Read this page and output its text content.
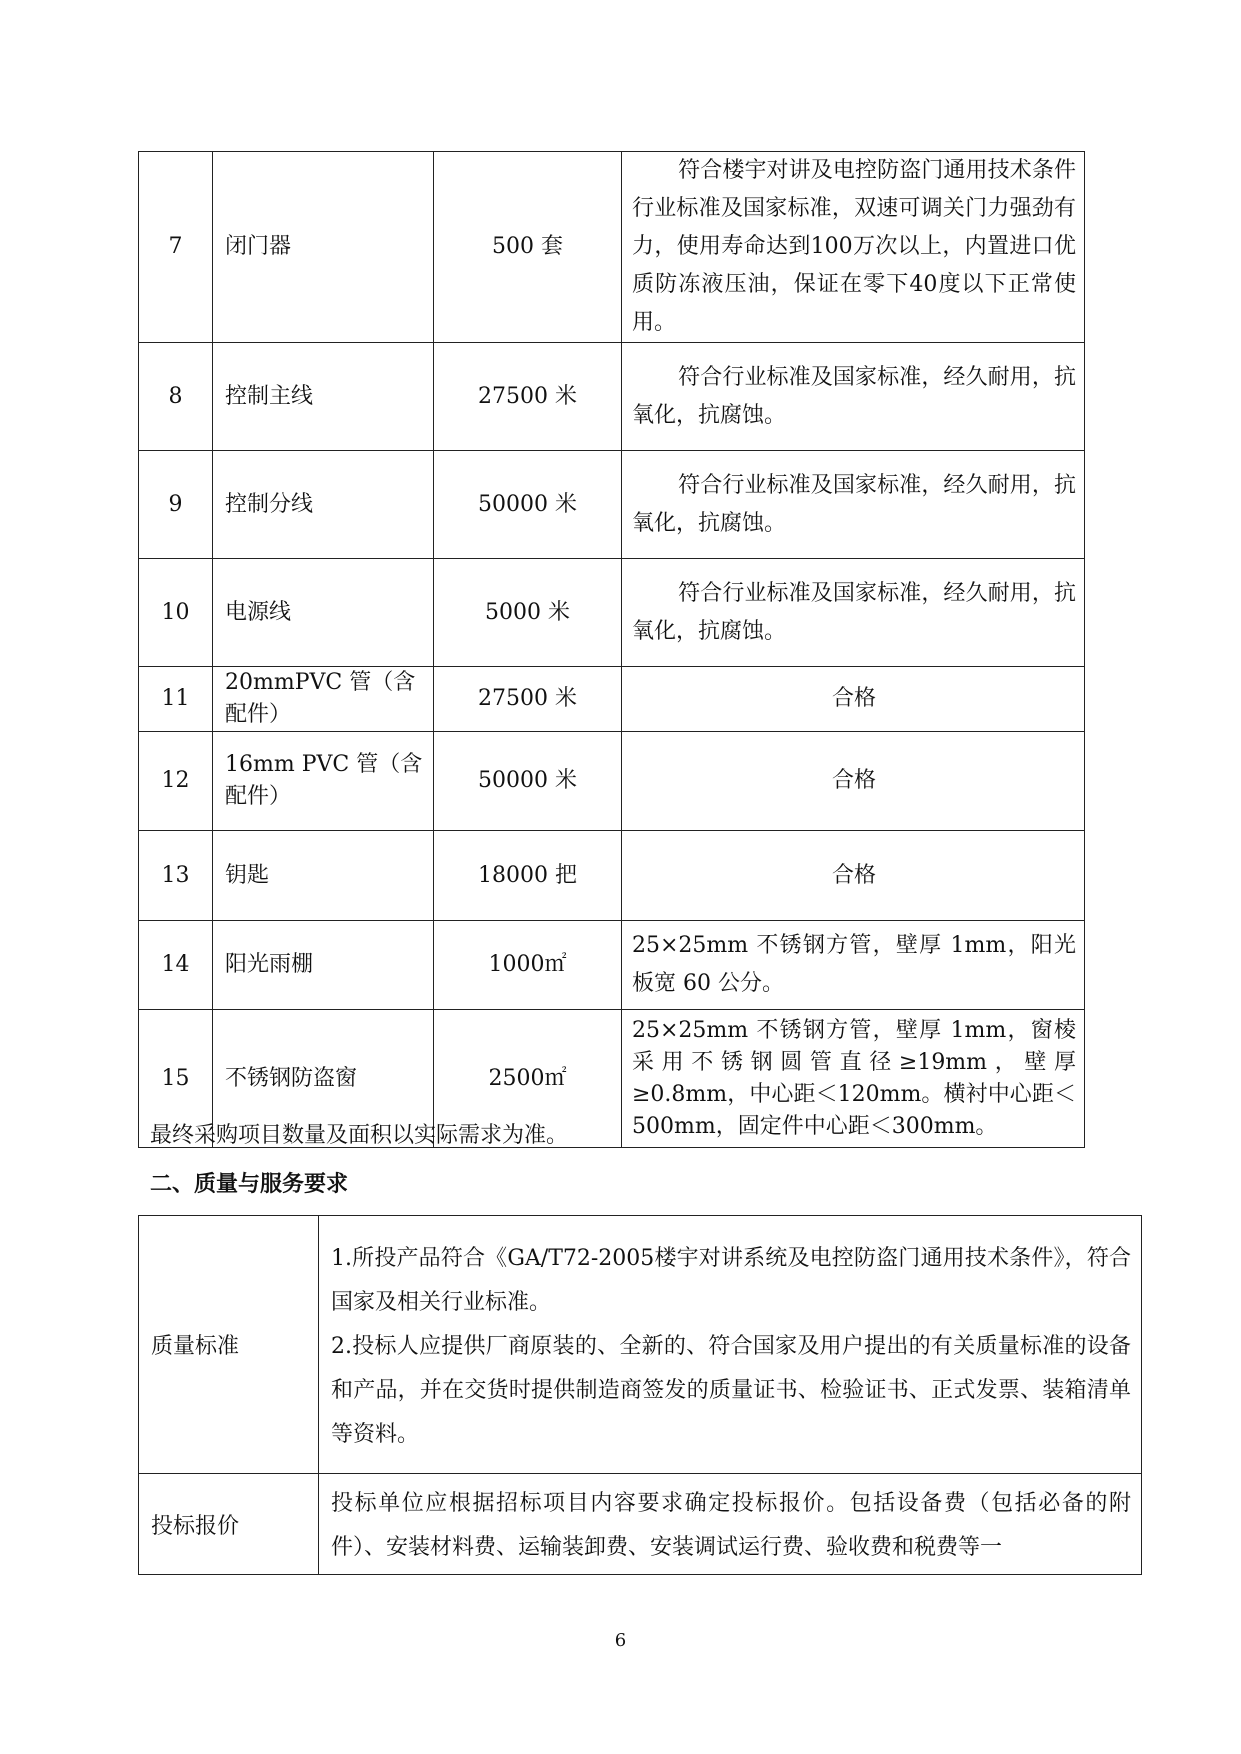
7	闭门器	500 套	符合楼宇对讲及电控防盗门通用技术条件行业标准及国家标准，双速可调关门力强劲有力，使用寿命达到100万次以上，内置进口优质防冻液压油，保证在零下40度以下正常使用。
8	控制主线	27500 米	符合行业标准及国家标准，经久耐用，抗氧化，抗腐蚀。
9	控制分线	50000 米	符合行业标准及国家标准，经久耐用，抗氧化，抗腐蚀。
10	电源线	5000 米	符合行业标准及国家标准，经久耐用，抗氧化，抗腐蚀。
11	20mmPVC 管（含配件）	27500 米	合格
12	16mm PVC 管（含配件）	50000 米	合格
13	钥匙	18000 把	合格
14	阳光雨棚	1000㎡	25×25mm 不锈钢方管，壁厚 1mm，阳光板宽 60 公分。
15	不锈钢防盗窗	2500㎡	25×25mm 不锈钢方管，壁厚 1mm，窗棱采用不锈钢圆管直径≥19mm，壁厚≥0.8mm，中心距＜120mm。横衬中心距＜500mm，固定件中心距＜300mm。
最终采购项目数量及面积以实际需求为准。
二、质量与服务要求
质量标准	1.所投产品符合《GA/T72-2005楼宇对讲系统及电控防盗门通用技术条件》，符合国家及相关行业标准。
2.投标人应提供厂商原装的、全新的、符合国家及用户提出的有关质量标准的设备和产品，并在交货时提供制造商签发的质量证书、检验证书、正式发票、装箱清单等资料。

投标报价	投标单位应根据招标项目内容要求确定投标报价。包括设备费（包括必备的附件）、安装材料费、运输装卸费、安装调试运行费、验收费和税费等一
6
